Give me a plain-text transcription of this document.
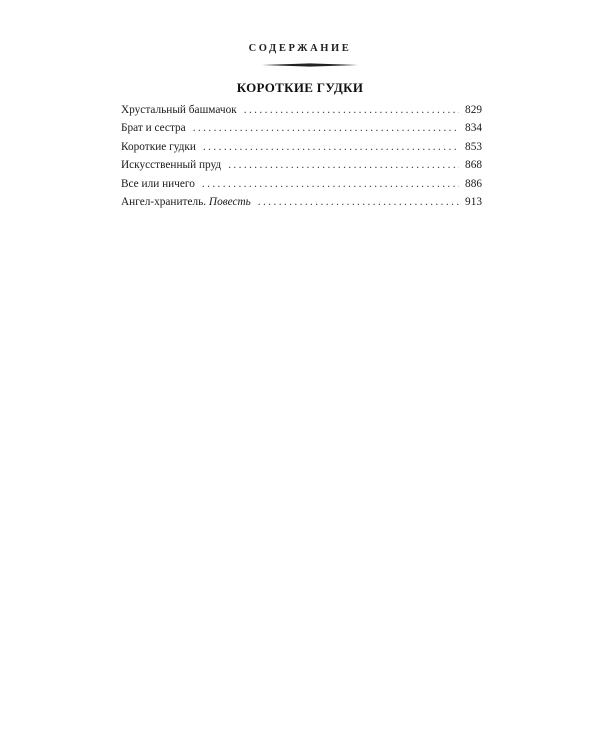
СОДЕРЖАНИЕ
КОРОТКИЕ ГУДКИ
Хрустальный башмачок .....	829
Брат и сестра .....	834
Короткие гудки .....	853
Искусственный пруд .....	868
Все или ничего .....	886
Ангел-хранитель. Повесть .....	913
